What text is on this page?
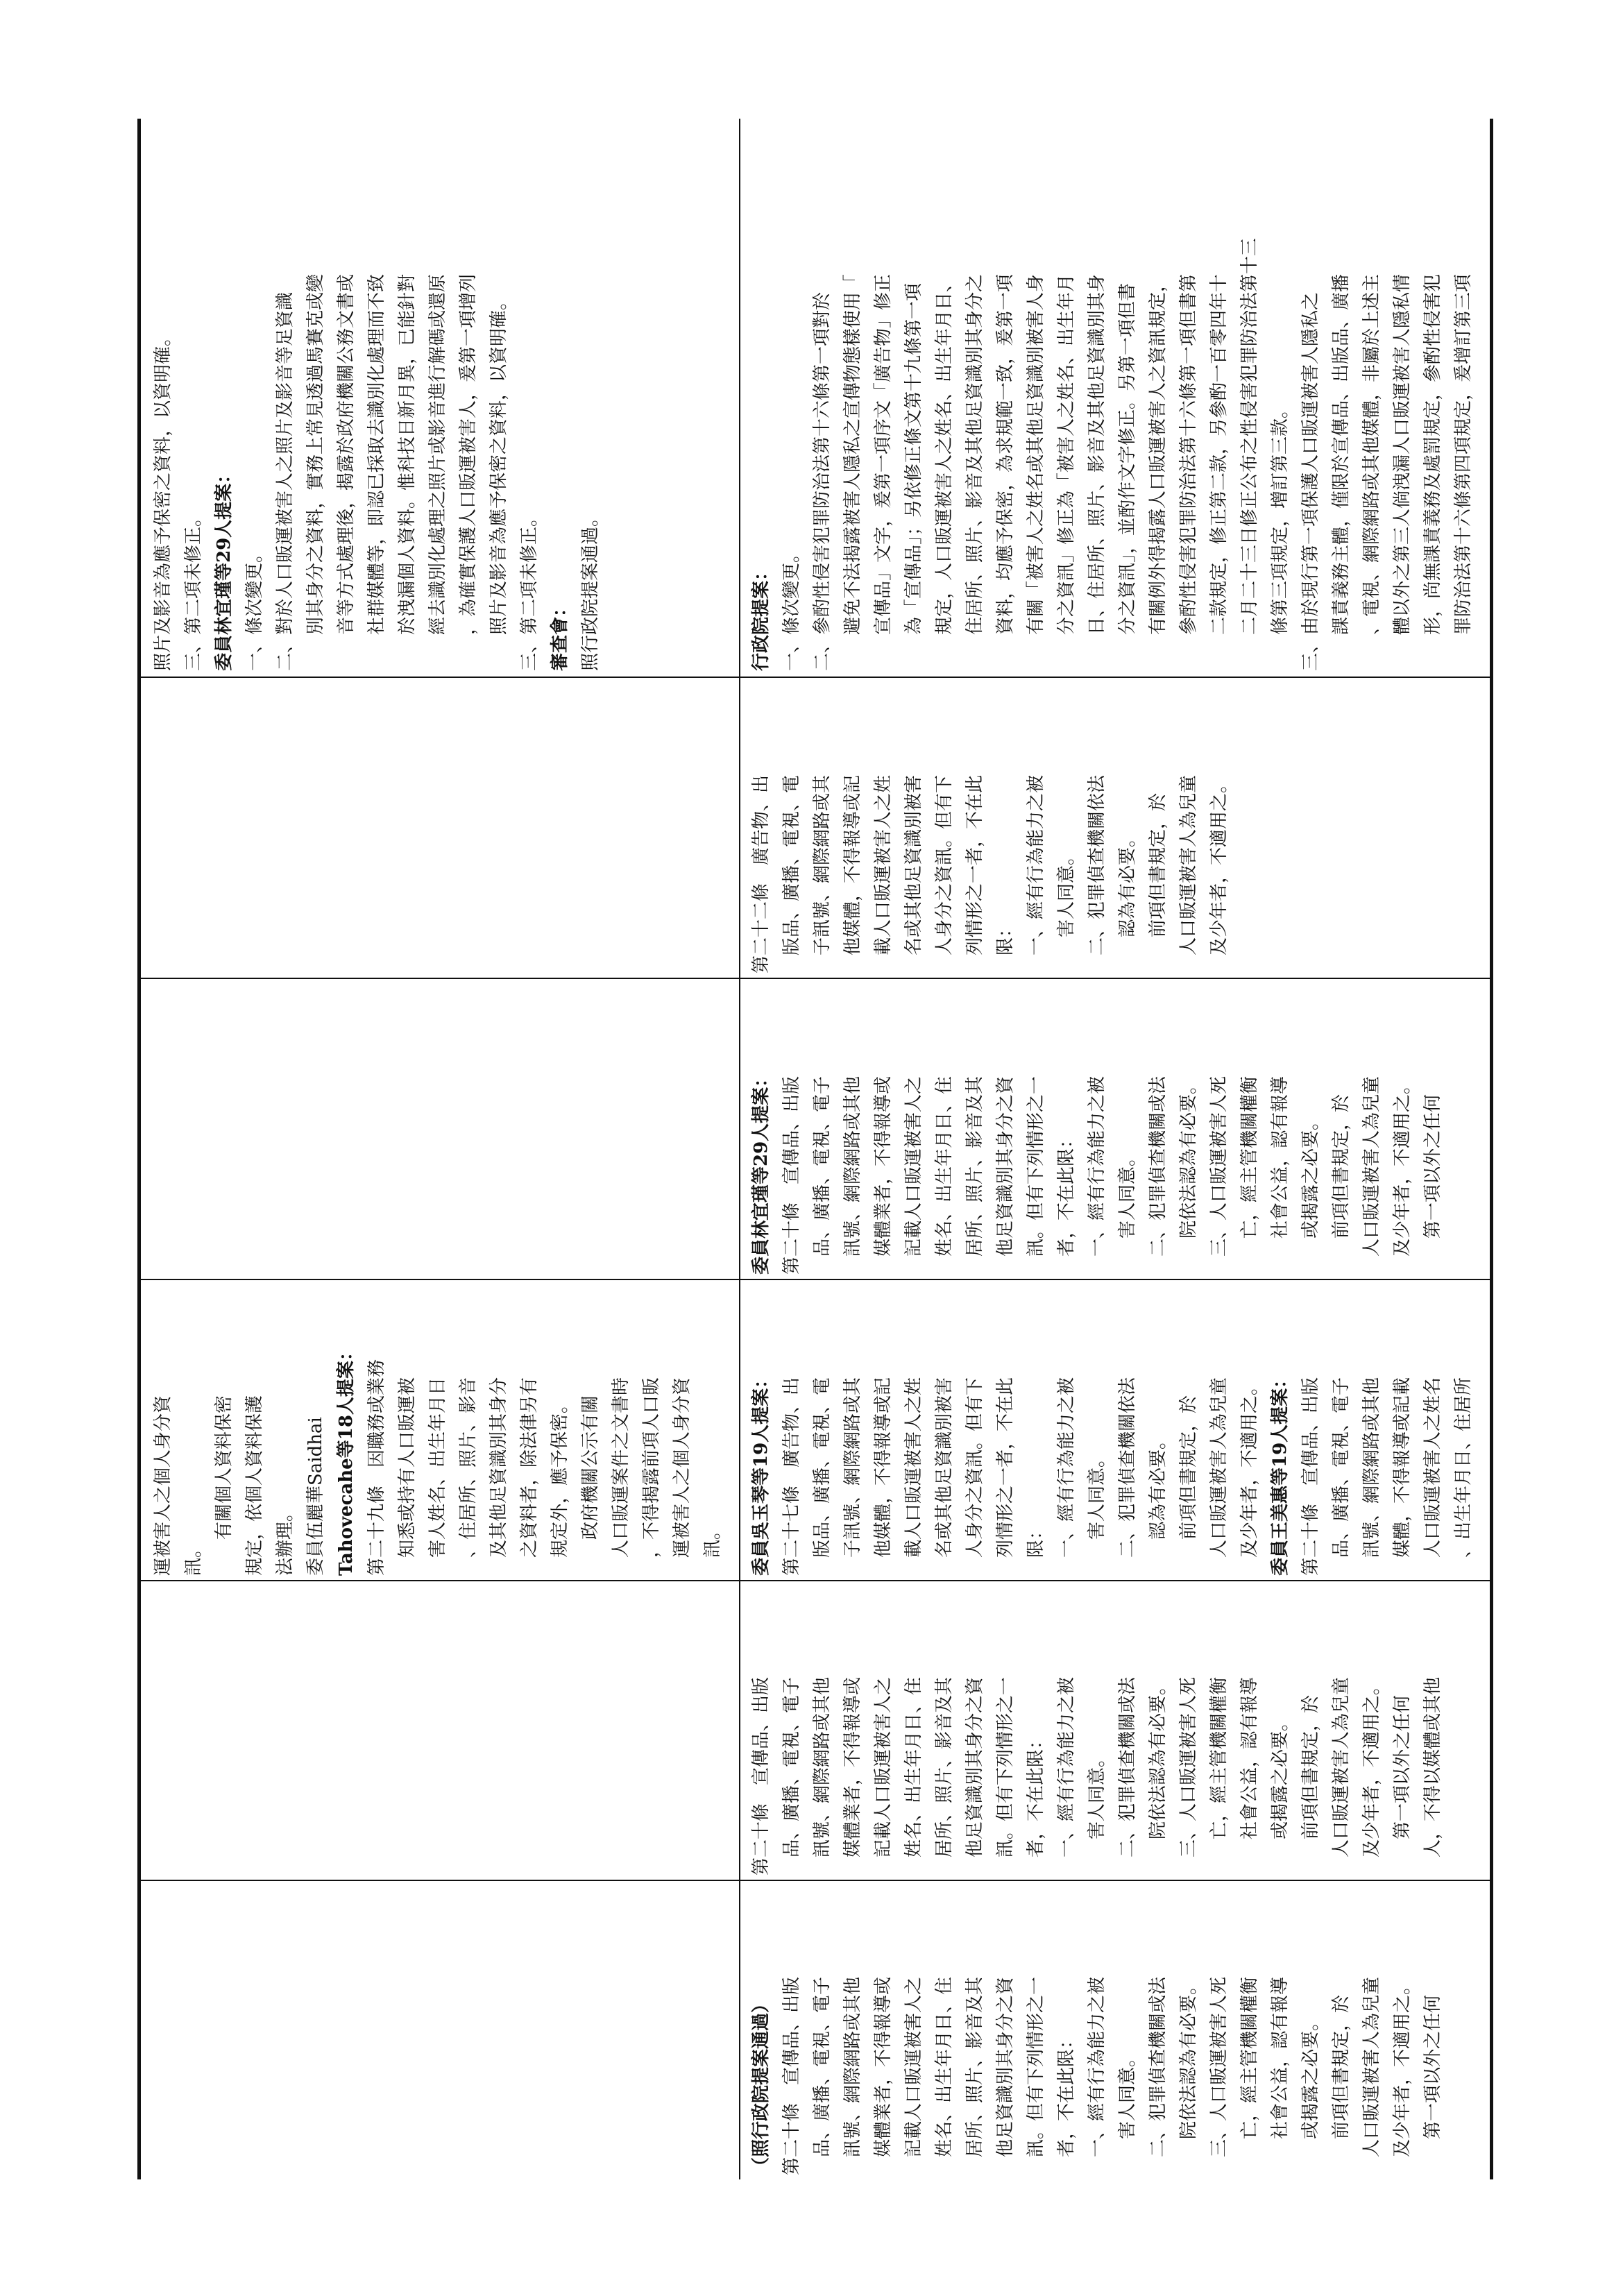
運被害人之個人身分資 訊。 　　有關個人資料保密 規定，依個人資料保護 法辦理。 委員伍麗華Saidhai Tahovecahe等18人提案： 第二十九條　因職務或業務 　知悉或持有人口販運被 　害人姓名、出生年月日 　、住居所、照片、影音 　及其他足資識別其身分 　之資料者，除法律另有 　規定外，應予保密。 　　政府機關公示有關 　人口販運案件之文書時 　，不得揭露前項人口販 　運被害人之個人身分資 　訊。

照片及影音為應予保密之資料，以資明確。 三、第二項未修正。 委員林宜瑾等29人提案： 一、條次變更。 二、對於人口販運被害人之照片及影音等足資識 　　別其身分之資料，實務上常見透過馬賽克或變 　　音等方式處理後，揭露於政府機關公務文書或 　　社群媒體等，即認已採取去識別化處理而不致 　　於洩漏個人資料。惟科技日新月異，已能針對 　　經去識別化處理之照片或影音進行解碼或還原 　　，為確實保護人口販運被害人，爰第一項增列 　　照片及影音為應予保密之資料，以資明確。 三、第二項未修正。 審查會： 照行政院提案通過。

（照行政院提案通過） 第二十條　宣傳品、出版 　品、廣播、電視、電子 　訊號、網際網路或其他 　媒體業者，不得報導或 　記載人口販運被害人之 　姓名、出生年月日、住 　居所、照片、影音及其 　他足資識別其身分之資 　訊。但有下列情形之一 　者，不在此限： 　一、經有行為能力之被 　　害人同意。 　二、犯罪偵查機關或法 　　院依法認為有必要。 　三、人口販運被害人死 　　亡，經主管機關權衡 　　社會公益，認有報導 　　或揭露之必要。 　　前項但書規定，於 　人口販運被害人為兒童 　及少年者，不適用之。 　　第一項以外之任何

第二十條　宣傳品、出版 　品、廣播、電視、電子 　訊號、網際網路或其他 　媒體業者，不得報導或 　記載人口販運被害人之 　姓名、出生年月日、住 　居所、照片、影音及其 　他足資識別其身分之資 　訊。但有下列情形之一 　者，不在此限： 　一、經有行為能力之被 　　害人同意。 　二、犯罪偵查機關或法 　　院依法認為有必要。 　三、人口販運被害人死 　　亡，經主管機關權衡 　　社會公益，認有報導 　　或揭露之必要。 　　前項但書規定，於 　人口販運被害人為兒童 　及少年者，不適用之。 　　第一項以外之任何 　人，不得以媒體或其他

委員吳玉琴等19人提案： 第二十七條　廣告物、出 　版品、廣播、電視、電 　子訊號、網際網路或其 　他媒體，不得報導或記 　載人口販運被害人之姓 　名或其他足資識別被害 　人身分之資訊。但有下 　列情形之一者，不在此 　限： 　一、經有行為能力之被 　　害人同意。 　二、犯罪偵查機關依法 　　認為有必要。 　　前項但書規定，於 　人口販運被害人為兒童 　及少年者，不適用之。 委員王美惠等19人提案： 第二十條　宣傳品、出版 　品、廣播、電視、電子 　訊號、網際網路或其他 　媒體，不得報導或記載 　人口販運被害人之姓名 　、出生年月日、住居所

委員林宜瑾等29人提案： 第二十條　宣傳品、出版 　品、廣播、電視、電子 　訊號、網際網路或其他 　媒體業者，不得報導或 　記載人口販運被害人之 　姓名、出生年月日、住 　居所、照片、影音及其 　他足資識別其身分之資 　訊。但有下列情形之一 　者，不在此限： 　一、經有行為能力之被 　　害人同意。 　二、犯罪偵查機關或法 　　院依法認為有必要。 　三、人口販運被害人死 　　亡，經主管機關權衡 　　社會公益，認有報導 　　或揭露之必要。 　　前項但書規定，於 　人口販運被害人為兒童 　及少年者，不適用之。 　　第一項以外之任何

第二十二條　廣告物、出 　版品、廣播、電視、電 　子訊號、網際網路或其 　他媒體，不得報導或記 　載人口販運被害人之姓 　名或其他足資識別被害 　人身分之資訊。但有下 　列情形之一者，不在此 　限： 　一、經有行為能力之被 　　害人同意。 　二、犯罪偵查機關依法 　　認為有必要。 　　前項但書規定，於 　人口販運被害人為兒童 　及少年者，不適用之。

行政院提案： 一、條次變更。 二、參酌性侵害犯罪防治法第十六條第一項對於 　　避免不法揭露被害人隱私之宣傳物態樣使用「 　　宣傳品」文字，爰第一項序文「廣告物」修正 　　為「宣傳品」；另依修正條文第十九條第一項 　　規定，人口販運被害人之姓名、出生年月日、 　　住居所、照片、影音及其他足資識別其身分之 　　資料，均應予保密，為求規範一致，爰第一項 　　有關「被害人之姓名或其他足資識別被害人身 　　分之資訊」修正為「被害人之姓名、出生年月 　　日、住居所、照片、影音及其他足資識別其身 　　分之資訊」，並酌作文字修正。另第一項但書 　　有關例外得揭露人口販運被害人之資訊規定， 　　參酌性侵害犯罪防治法第十六條第一項但書第 　　二款規定，修正第二款，另參酌一百零四年十 　　二月二十三日修正公布之性侵害犯罪防治法第十三 　　條第三項規定，增訂第三款。 三、由於現行第一項保護人口販運被害人隱私之 　　課責義務主體，僅限於宣傳品、出版品、廣播 　　、電視、網際網路或其他媒體，非屬於上述主 　　體以外之第三人倘洩漏人口販運被害人隱私情 　　形，尚無課責義務及處罰規定，參酌性侵害犯 　　罪防治法第十六條第四項規定，爰增訂第三項
